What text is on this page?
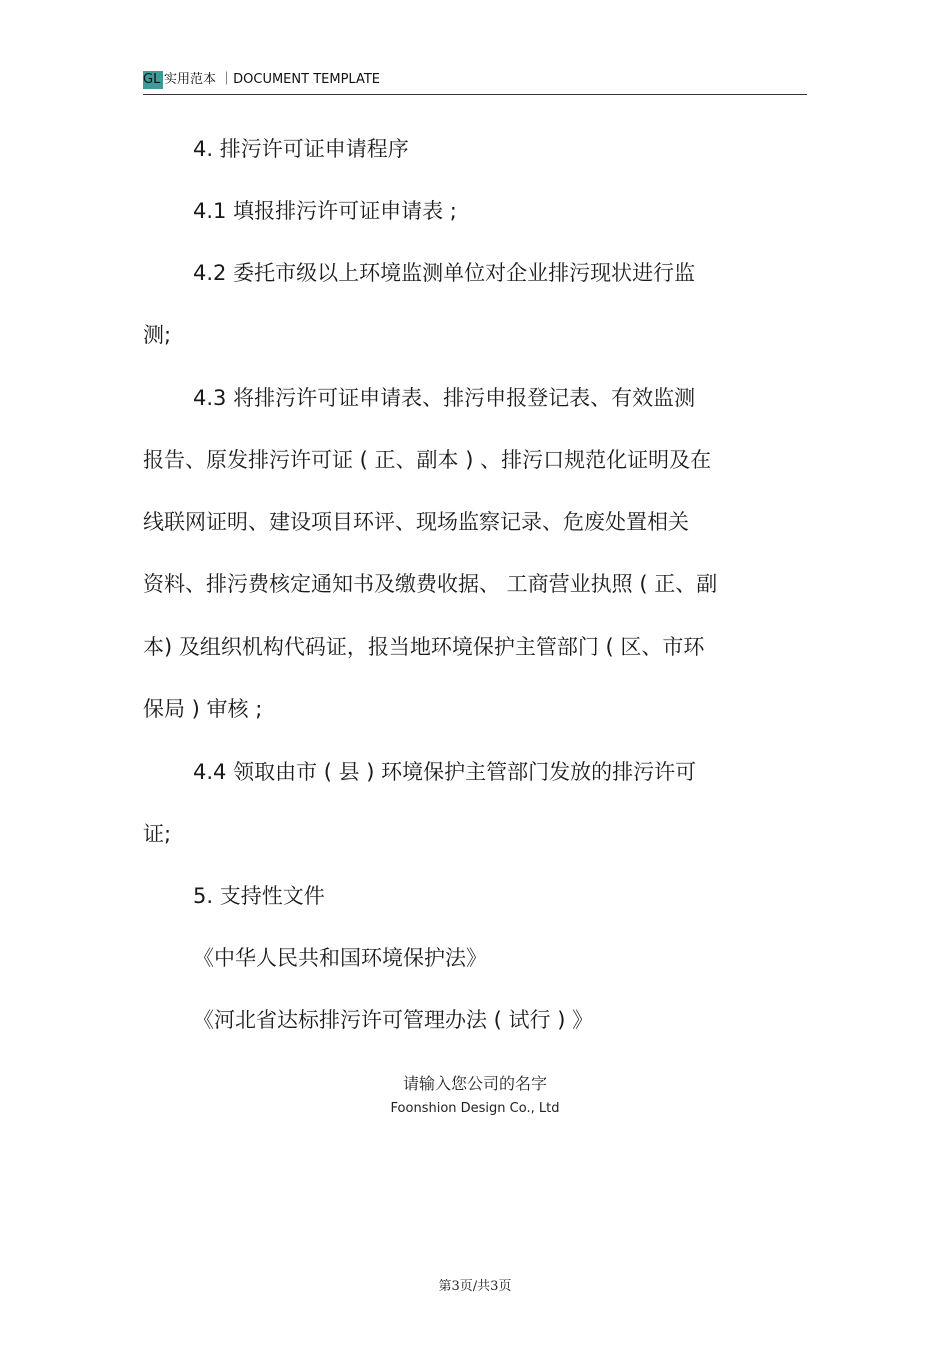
GL 实用范本 ｜DOCUMENT TEMPLATE
4. 排污许可证申请程序
4.1 填报排污许可证申请表 ;
4.2 委托市级以上环境监测单位对企业排污现状进行监
测;
4.3 将排污许可证申请表、排污申报登记表、有效监测
报告、原发排污许可证 ( 正、副本 ) 、排污口规范化证明及在
线联网证明、建设项目环评、现场监察记录、危废处置相关
资料、排污费核定通知书及缴费收据、 工商营业执照 ( 正、副
本) 及组织机构代码证，报当地环境保护主管部门 ( 区、市环
保局 ) 审核 ;
4.4 领取由市 ( 县 ) 环境保护主管部门发放的排污许可
证;
5. 支持性文件
《中华人民共和国环境保护法》
《河北省达标排污许可管理办法 ( 试行 ) 》
请输入您公司的名字
Foonshion Design Co., Ltd
第3页/共3页
